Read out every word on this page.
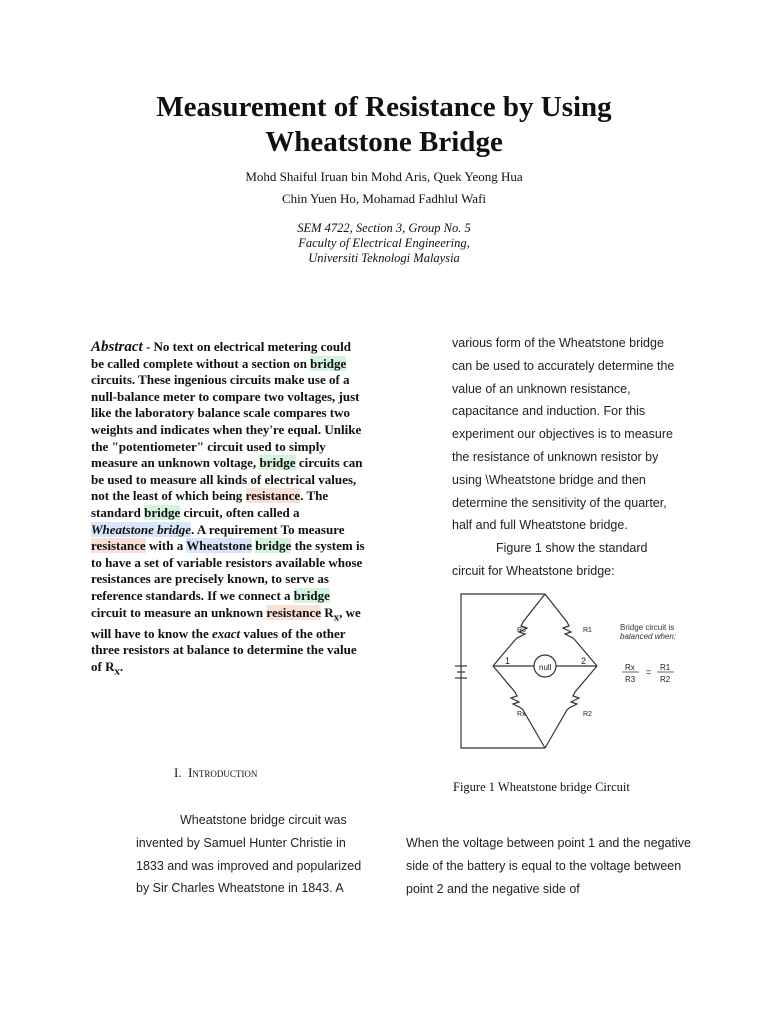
Measurement of Resistance by Using
Wheatstone Bridge
Mohd Shaiful Iruan bin Mohd Aris, Quek Yeong Hua
Chin Yuen Ho, Mohamad Fadhlul Wafi
SEM 4722, Section 3, Group No. 5
Faculty of Electrical Engineering,
Universiti Teknologi Malaysia
Abstract - No text on electrical metering could be called complete without a section on bridge circuits. These ingenious circuits make use of a null-balance meter to compare two voltages, just like the laboratory balance scale compares two weights and indicates when they're equal. Unlike the "potentiometer" circuit used to simply measure an unknown voltage, bridge circuits can be used to measure all kinds of electrical values, not the least of which being resistance. The standard bridge circuit, often called a Wheatstone bridge. A requirement To measure resistance with a Wheatstone bridge the system is to have a set of variable resistors available whose resistances are precisely known, to serve as reference standards. If we connect a bridge circuit to measure an unknown resistance $R_x$, we will have to know the exact values of the other three resistors at balance to determine the value of $R_x$.
I. Introduction
Wheatstone bridge circuit was invented by Samuel Hunter Christie in 1833 and was improved and popularized by Sir Charles Wheatstone in 1843. A

various form of the Wheatstone bridge can be used to accurately determine the value of an unknown resistance, capacitance and induction. For this experiment our objectives is to measure the resistance of unknown resistor by using \Wheatstone bridge and then determine the sensitivity of the quarter, half and full Wheatstone bridge.

Figure 1 show the standard circuit for Wheatstone bridge:

null
1	2
R3	R1
Rx	R2
Bridge circuit is
balanced when:
Rx
R3
= R1
R2
Figure 1 Wheatstone bridge Circuit
When the voltage between point 1 and the negative side of the battery is equal to the voltage between point 2 and the negative side of
